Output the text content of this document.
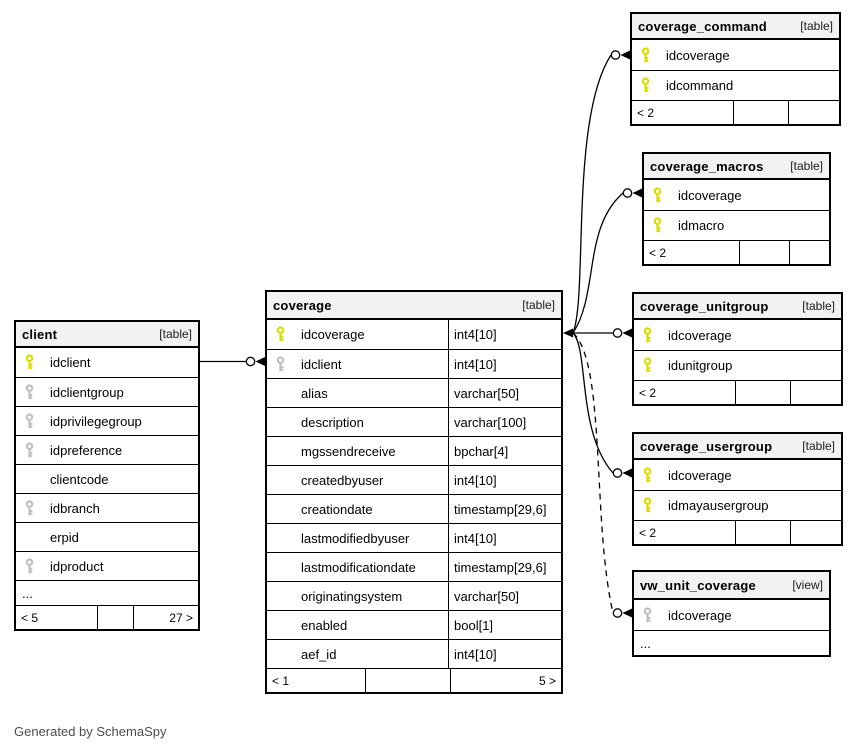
client	[table]
idclient
idclientgroup
idprivilegegroup
idpreference
clientcode
idbranch
erpid
idproduct
...
< 5	27 >
coverage	[table]
idcoverage	int4[10]
idclient	int4[10]
alias	varchar[50]
description	varchar[100]
mgssendreceive	bpchar[4]
createdbyuser	int4[10]
creationdate	timestamp[29,6]
lastmodifiedbyuser	int4[10]
lastmodificationdate	timestamp[29,6]
originatingsystem	varchar[50]
enabled	bool[1]
aef_id	int4[10]
< 1	5 >
coverage_command	[table]
idcoverage
idcommand
< 2
coverage_macros [table]
idcoverage
idmacro
< 2
coverage_unitgroup	[table]
idcoverage
idunitgroup
< 2
coverage_usergroup	[table]
idcoverage
idmayausergroup
< 2
vw_unit_coverage	[view]
idcoverage
...
Generated by SchemaSpy
